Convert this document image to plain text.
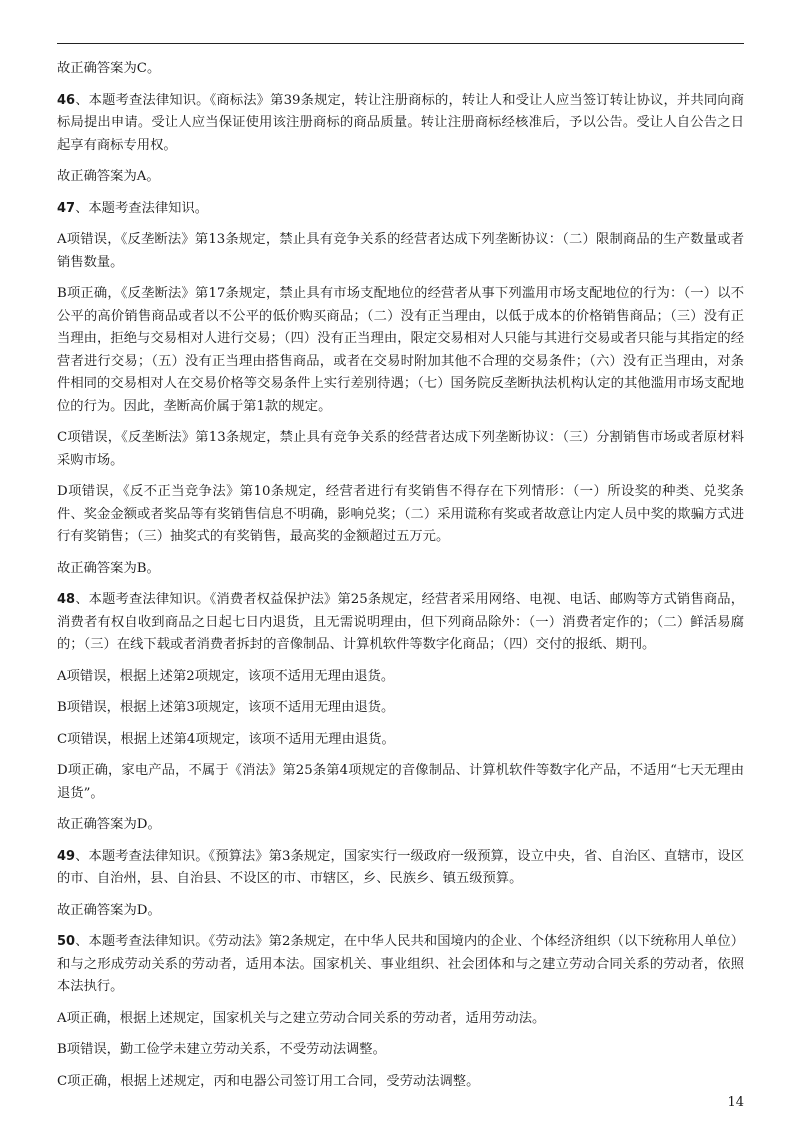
故正确答案为C。

46、本题考查法律知识。《商标法》第39条规定，转让注册商标的，转让人和受让人应当签订转让协议，并共同向商标局提出申请。受让人应当保证使用该注册商标的商品质量。转让注册商标经核准后，予以公告。受让人自公告之日起享有商标专用权。

故正确答案为A。

47、本题考查法律知识。

A项错误，《反垄断法》第13条规定，禁止具有竞争关系的经营者达成下列垄断协议：（二）限制商品的生产数量或者销售数量。

B项正确，《反垄断法》第17条规定，禁止具有市场支配地位的经营者从事下列滥用市场支配地位的行为：（一）以不公平的高价销售商品或者以不公平的低价购买商品；（二）没有正当理由，以低于成本的价格销售商品；（三）没有正当理由，拒绝与交易相对人进行交易；（四）没有正当理由，限定交易相对人只能与其进行交易或者只能与其指定的经营者进行交易；（五）没有正当理由搭售商品，或者在交易时附加其他不合理的交易条件；（六）没有正当理由，对条件相同的交易相对人在交易价格等交易条件上实行差别待遇；（七）国务院反垄断执法机构认定的其他滥用市场支配地位的行为。因此，垄断高价属于第1款的规定。

C项错误，《反垄断法》第13条规定，禁止具有竞争关系的经营者达成下列垄断协议：（三）分割销售市场或者原材料采购市场。

D项错误，《反不正当竞争法》第10条规定，经营者进行有奖销售不得存在下列情形：（一）所设奖的种类、兑奖条件、奖金金额或者奖品等有奖销售信息不明确，影响兑奖；（二）采用谎称有奖或者故意让内定人员中奖的欺骗方式进行有奖销售；（三）抽奖式的有奖销售，最高奖的金额超过五万元。

故正确答案为B。

48、本题考查法律知识。《消费者权益保护法》第25条规定，经营者采用网络、电视、电话、邮购等方式销售商品，消费者有权自收到商品之日起七日内退货，且无需说明理由，但下列商品除外：（一）消费者定作的；（二）鲜活易腐的；（三）在线下载或者消费者拆封的音像制品、计算机软件等数字化商品；（四）交付的报纸、期刊。

A项错误，根据上述第2项规定，该项不适用无理由退货。

B项错误，根据上述第3项规定，该项不适用无理由退货。

C项错误，根据上述第4项规定，该项不适用无理由退货。

D项正确，家电产品，不属于《消法》第25条第4项规定的音像制品、计算机软件等数字化产品，不适用“七天无理由退货”。

故正确答案为D。

49、本题考查法律知识。《预算法》第3条规定，国家实行一级政府一级预算，设立中央，省、自治区、直辖市，设区的市、自治州，县、自治县、不设区的市、市辖区，乡、民族乡、镇五级预算。

故正确答案为D。

50、本题考查法律知识。《劳动法》第2条规定，在中华人民共和国境内的企业、个体经济组织（以下统称用人单位）和与之形成劳动关系的劳动者，适用本法。国家机关、事业组织、社会团体和与之建立劳动合同关系的劳动者，依照本法执行。

A项正确，根据上述规定，国家机关与之建立劳动合同关系的劳动者，适用劳动法。

B项错误，勤工俭学未建立劳动关系，不受劳动法调整。

C项正确，根据上述规定，丙和电器公司签订用工合同，受劳动法调整。

14
